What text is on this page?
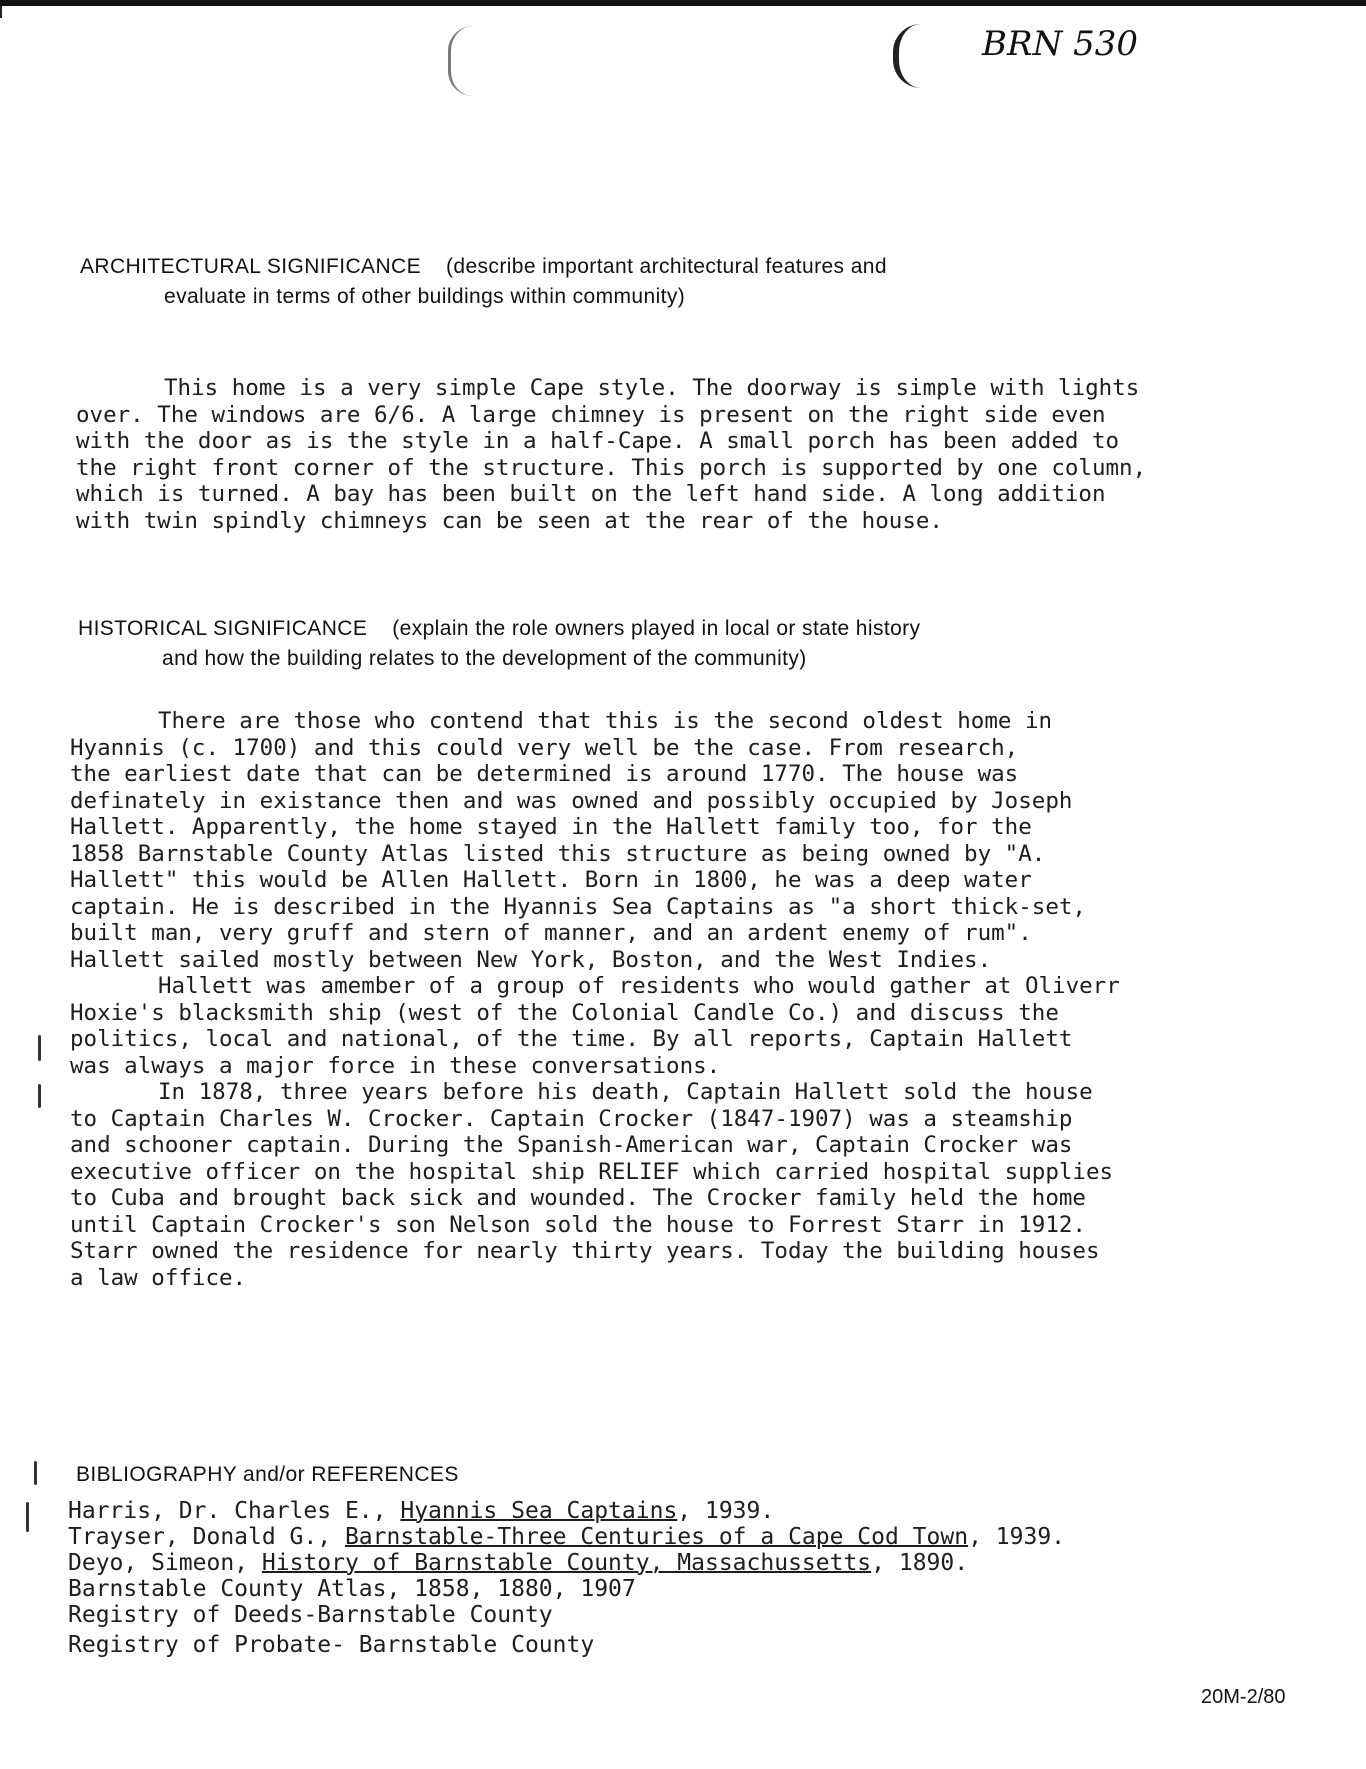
BRN 530
ARCHITECTURAL SIGNIFICANCE (describe important architectural features and
evaluate in terms of other buildings within community)

This home is a very simple Cape style. The doorway is simple with lights

over. The windows are 6/6. A large chimney is present on the right side even

with the door as is the style in a half-Cape. A small porch has been added to

the right front corner of the structure. This porch is supported by one column,

which is turned. A bay has been built on the left hand side. A long addition

with twin spindly chimneys can be seen at the rear of the house.

HISTORICAL SIGNIFICANCE (explain the role owners played in local or state history
and how the building relates to the development of the community)

There are those who contend that this is the second oldest home in

Hyannis (c. 1700) and this could very well be the case. From research,

the earliest date that can be determined is around 1770. The house was

definately in existance then and was owned and possibly occupied by Joseph

Hallett. Apparently, the home stayed in the Hallett family too, for the

1858 Barnstable County Atlas listed this structure as being owned by "A.

Hallett" this would be Allen Hallett. Born in 1800, he was a deep water

captain. He is described in the Hyannis Sea Captains as "a short thick-set,

built man, very gruff and stern of manner, and an ardent enemy of rum".

Hallett sailed mostly between New York, Boston, and the West Indies.

Hallett was amember of a group of residents who would gather at Oliverr

Hoxie's blacksmith ship (west of the Colonial Candle Co.) and discuss the

politics, local and national, of the time. By all reports, Captain Hallett

was always a major force in these conversations.

In 1878, three years before his death, Captain Hallett sold the house

to Captain Charles W. Crocker. Captain Crocker (1847-1907) was a steamship

and schooner captain. During the Spanish-American war, Captain Crocker was

executive officer on the hospital ship RELIEF which carried hospital supplies

to Cuba and brought back sick and wounded. The Crocker family held the home

until Captain Crocker's son Nelson sold the house to Forrest Starr in 1912.

Starr owned the residence for nearly thirty years. Today the building houses

a law office.

BIBLIOGRAPHY and/or REFERENCES

Harris, Dr. Charles E., Hyannis Sea Captains, 1939.

Trayser, Donald G., Barnstable-Three Centuries of a Cape Cod Town, 1939.

Deyo, Simeon, History of Barnstable County, Massachussetts, 1890.

Barnstable County Atlas, 1858, 1880, 1907

Registry of Deeds-Barnstable County

Registry of Probate- Barnstable County

20M-2/80
